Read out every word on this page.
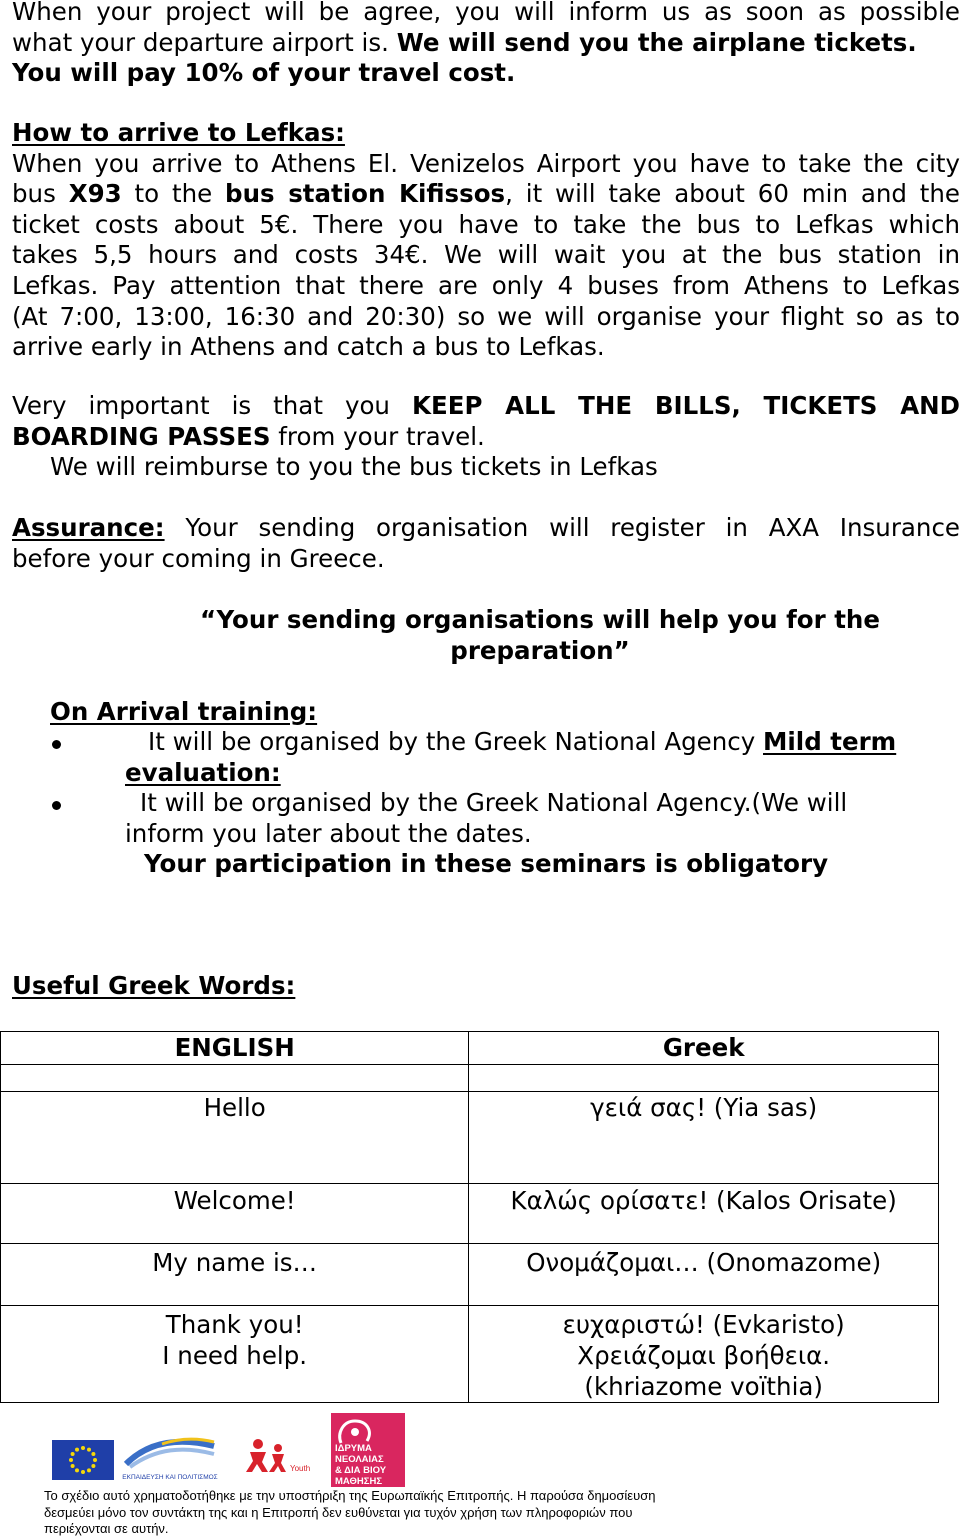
When your project will be agree, you will inform us as soon as possible
what your departure airport is. We will send you the airplane tickets.
You will pay 10% of your travel cost.
How to arrive to Lefkas:
When you arrive to Athens El. Venizelos Airport you have to take the city
bus X93 to the bus station Kifissos, it will take about 60 min and the
ticket costs about 5€. There you have to take the bus to Lefkas which
takes 5,5 hours and costs 34€. We will wait you at the bus station in
Lefkas. Pay attention that there are only 4 buses from Athens to Lefkas
(At 7:00, 13:00, 16:30 and 20:30) so we will organise your flight so as to
arrive early in Athens and catch a bus to Lefkas.
Very important is that you KEEP ALL THE BILLS, TICKETS AND
BOARDING PASSES from your travel.
We will reimburse to you the bus tickets in Lefkas
Assurance: Your sending organisation will register in AXA Insurance
before your coming in Greece.
“Your sending organisations will help you for the
preparation”
On Arrival training:
It will be organised by the Greek National Agency Mild term
evaluation:
It will be organised by the Greek National Agency.(We will
inform you later about the dates.
Your participation in these seminars is obligatory
Useful Greek Words:
ENGLISH	Greek

Hello	γειά σας! (Yia sas)
Welcome!	Καλώς ορίσατε! (Kalos Orisate)
My name is…	Ονομάζομαι… (Onomazome)

Thank you!
I need help.	ευχαριστώ! (Evkaristo)
Χρειάζομαι βοήθεια. (khriazome voïthia)
ΕΚΠΑΙΔΕΥΣΗ ΚΑΙ ΠΟΛΙΤΙΣΜΟΣ
Youth
ΙΔΡΥΜΑ
ΝΕΟΛΑΙΑΣ
& ΔΙΑ ΒΙΟΥ
ΜΑΘΗΣΗΣ
Το σχέδιο αυτό χρηματοδοτήθηκε με την υποστήριξη της Ευρωπαϊκής Επιτροπής. Η παρούσα δημοσίευση
δεσμεύει μόνο τον συντάκτη της και η Επιτροπή δεν ευθύνεται για τυχόν χρήση των πληροφοριών που
περιέχονται σε αυτήν.
